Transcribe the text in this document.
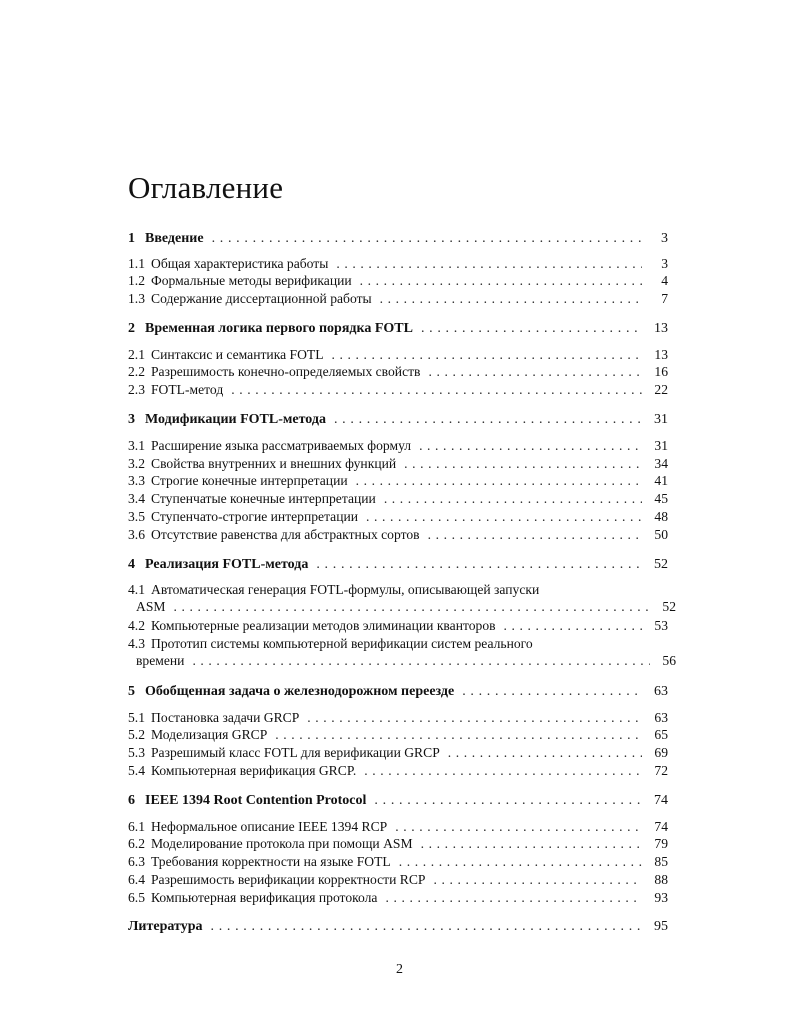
Оглавление
1 Введение . . .	3
1.1 Общая характеристика работы . . .	3
1.2 Формальные методы верификации . . .	4
1.3 Содержание диссертационной работы . . .	7
2 Временная логика первого порядка FOTL . . .	13
2.1 Синтаксис и семантика FOTL . . .	13
2.2 Разрешимость конечно-определяемых свойств . . .	16
2.3 FOTL-метод . . .	22
3 Модификации FOTL-метода . . .	31
3.1 Расширение языка рассматриваемых формул . . .	31
3.2 Свойства внутренних и внешних функций . . .	34
3.3 Строгие конечные интерпретации . . .	41
3.4 Ступенчатые конечные интерпретации . . .	45
3.5 Ступенчато-строгие интерпретации . . .	48
3.6 Отсутствие равенства для абстрактных сортов . . .	50
4 Реализация FOTL-метода . . .	52
4.1 Автоматическая генерация FOTL-формулы, описывающей запуски
ASM . . .	52
4.2 Компьютерные реализации методов элиминации кванторов . . .	53
4.3 Прототип системы компьютерной верификации систем реального
времени . . .	56
5 Обобщенная задача о железнодорожном переезде . . .	63
5.1 Постановка задачи GRCP . . .	63
5.2 Моделизация GRCP . . .	65
5.3 Разрешимый класс FOTL для верификации GRCP . . .	69
5.4 Компьютерная верификация GRCP. . . .	72
6 IEEE 1394 Root Contention Protocol . . .	74
6.1 Неформальное описание IEEE 1394 RCP . . .	74
6.2 Моделирование протокола при помощи ASM . . .	79
6.3 Требования корректности на языке FOTL . . .	85
6.4 Разрешимость верификации корректности RCP . . .	88
6.5 Компьютерная верификация протокола . . .	93
Литература . . .	95
2
